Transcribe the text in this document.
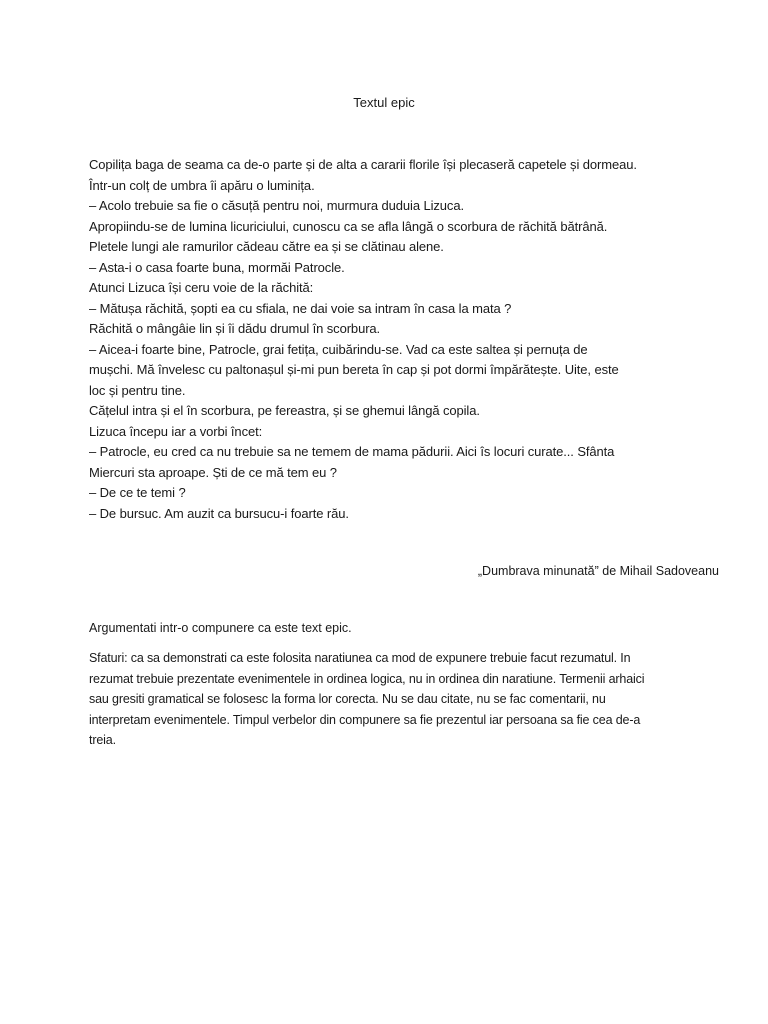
Textul epic

Copilița baga de seama ca de-o parte și de alta a cararii florile își plecaseră capetele și dormeau.

Într-un colț de umbra îi apăru o luminița.

– Acolo trebuie sa fie o căsuță pentru noi, murmura duduia Lizuca.

Apropiindu-se de lumina licuriciului, cunoscu ca se afla lângă o scorbura de răchită bătrână.

Pletele lungi ale ramurilor cădeau către ea și se clătinau alene.

– Asta-i o casa foarte buna, mormăi Patrocle.

Atunci Lizuca își ceru voie de la răchită:

– Mătușa răchită, șopti ea cu sfiala, ne dai voie sa intram în casa la mata ?

Răchită o mângâie lin și îi dădu drumul în scorbura.

– Aicea-i foarte bine, Patrocle, grai fetița, cuibărindu-se. Vad ca este saltea și pernuța de

mușchi. Mă învelesc cu paltonașul și-mi pun bereta în cap și pot dormi împărătește. Uite, este

loc și pentru tine.

Cățelul intra și el în scorbura, pe fereastra, și se ghemui lângă copila.

Lizuca începu iar a vorbi încet:

– Patrocle, eu cred ca nu trebuie sa ne temem de mama pădurii. Aici îs locuri curate... Sfânta

Miercuri sta aproape. Ști de ce mă tem eu ?

– De ce te temi ?

– De bursuc. Am auzit ca bursucu-i foarte rău.

„Dumbrava minunată” de Mihail Sadoveanu
Argumentati intr-o compunere ca este text epic.

Sfaturi: ca sa demonstrati ca este folosita naratiunea ca mod de expunere trebuie facut rezumatul. In

rezumat trebuie prezentate evenimentele in ordinea logica, nu in ordinea din naratiune. Termenii arhaici

sau gresiti gramatical se folosesc la forma lor corecta. Nu se dau citate, nu se fac comentarii, nu

interpretam evenimentele. Timpul verbelor din compunere sa fie prezentul iar persoana sa fie cea de-a

treia.
